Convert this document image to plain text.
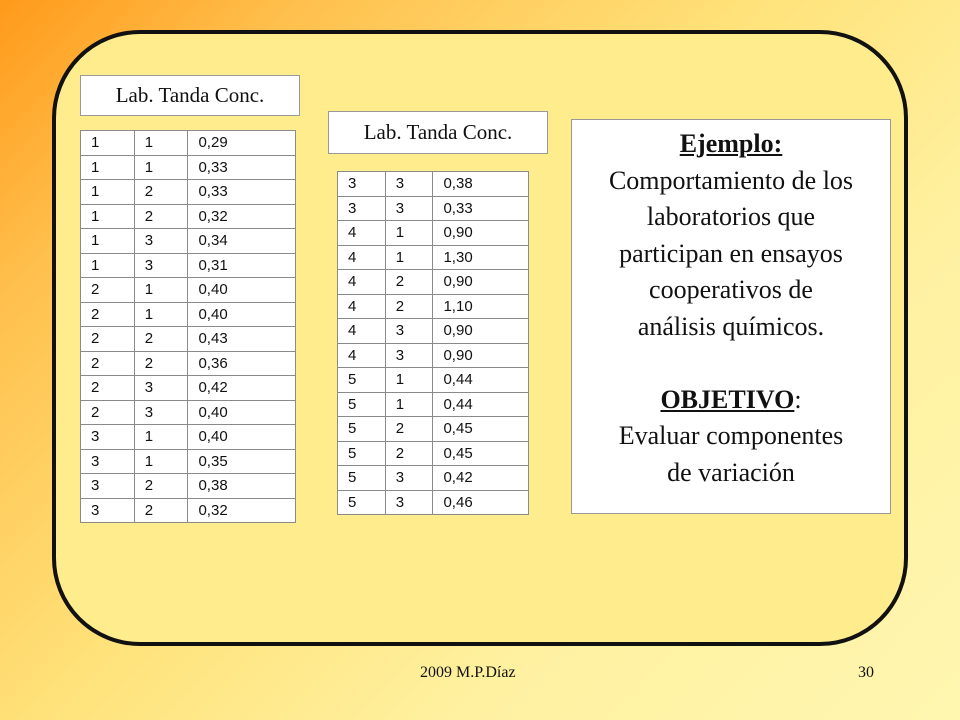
Lab. Tanda Conc.
Lab. Tanda Conc.
1	1	0,29
1	1	0,33
1	2	0,33
1	2	0,32
1	3	0,34
1	3	0,31
2	1	0,40
2	1	0,40
2	2	0,43
2	2	0,36
2	3	0,42
2	3	0,40
3	1	0,40
3	1	0,35
3	2	0,38
3	2	0,32
3	3	0,38
3	3	0,33
4	1	0,90
4	1	1,30
4	2	0,90
4	2	1,10
4	3	0,90
4	3	0,90
5	1	0,44
5	1	0,44
5	2	0,45
5	2	0,45
5	3	0,42
5	3	0,46
Ejemplo:
Comportamiento de los
laboratorios que
participan en ensayos
cooperativos de
análisis químicos.
OBJETIVO:
Evaluar componentes
de variación
2009 M.P.Díaz	30
